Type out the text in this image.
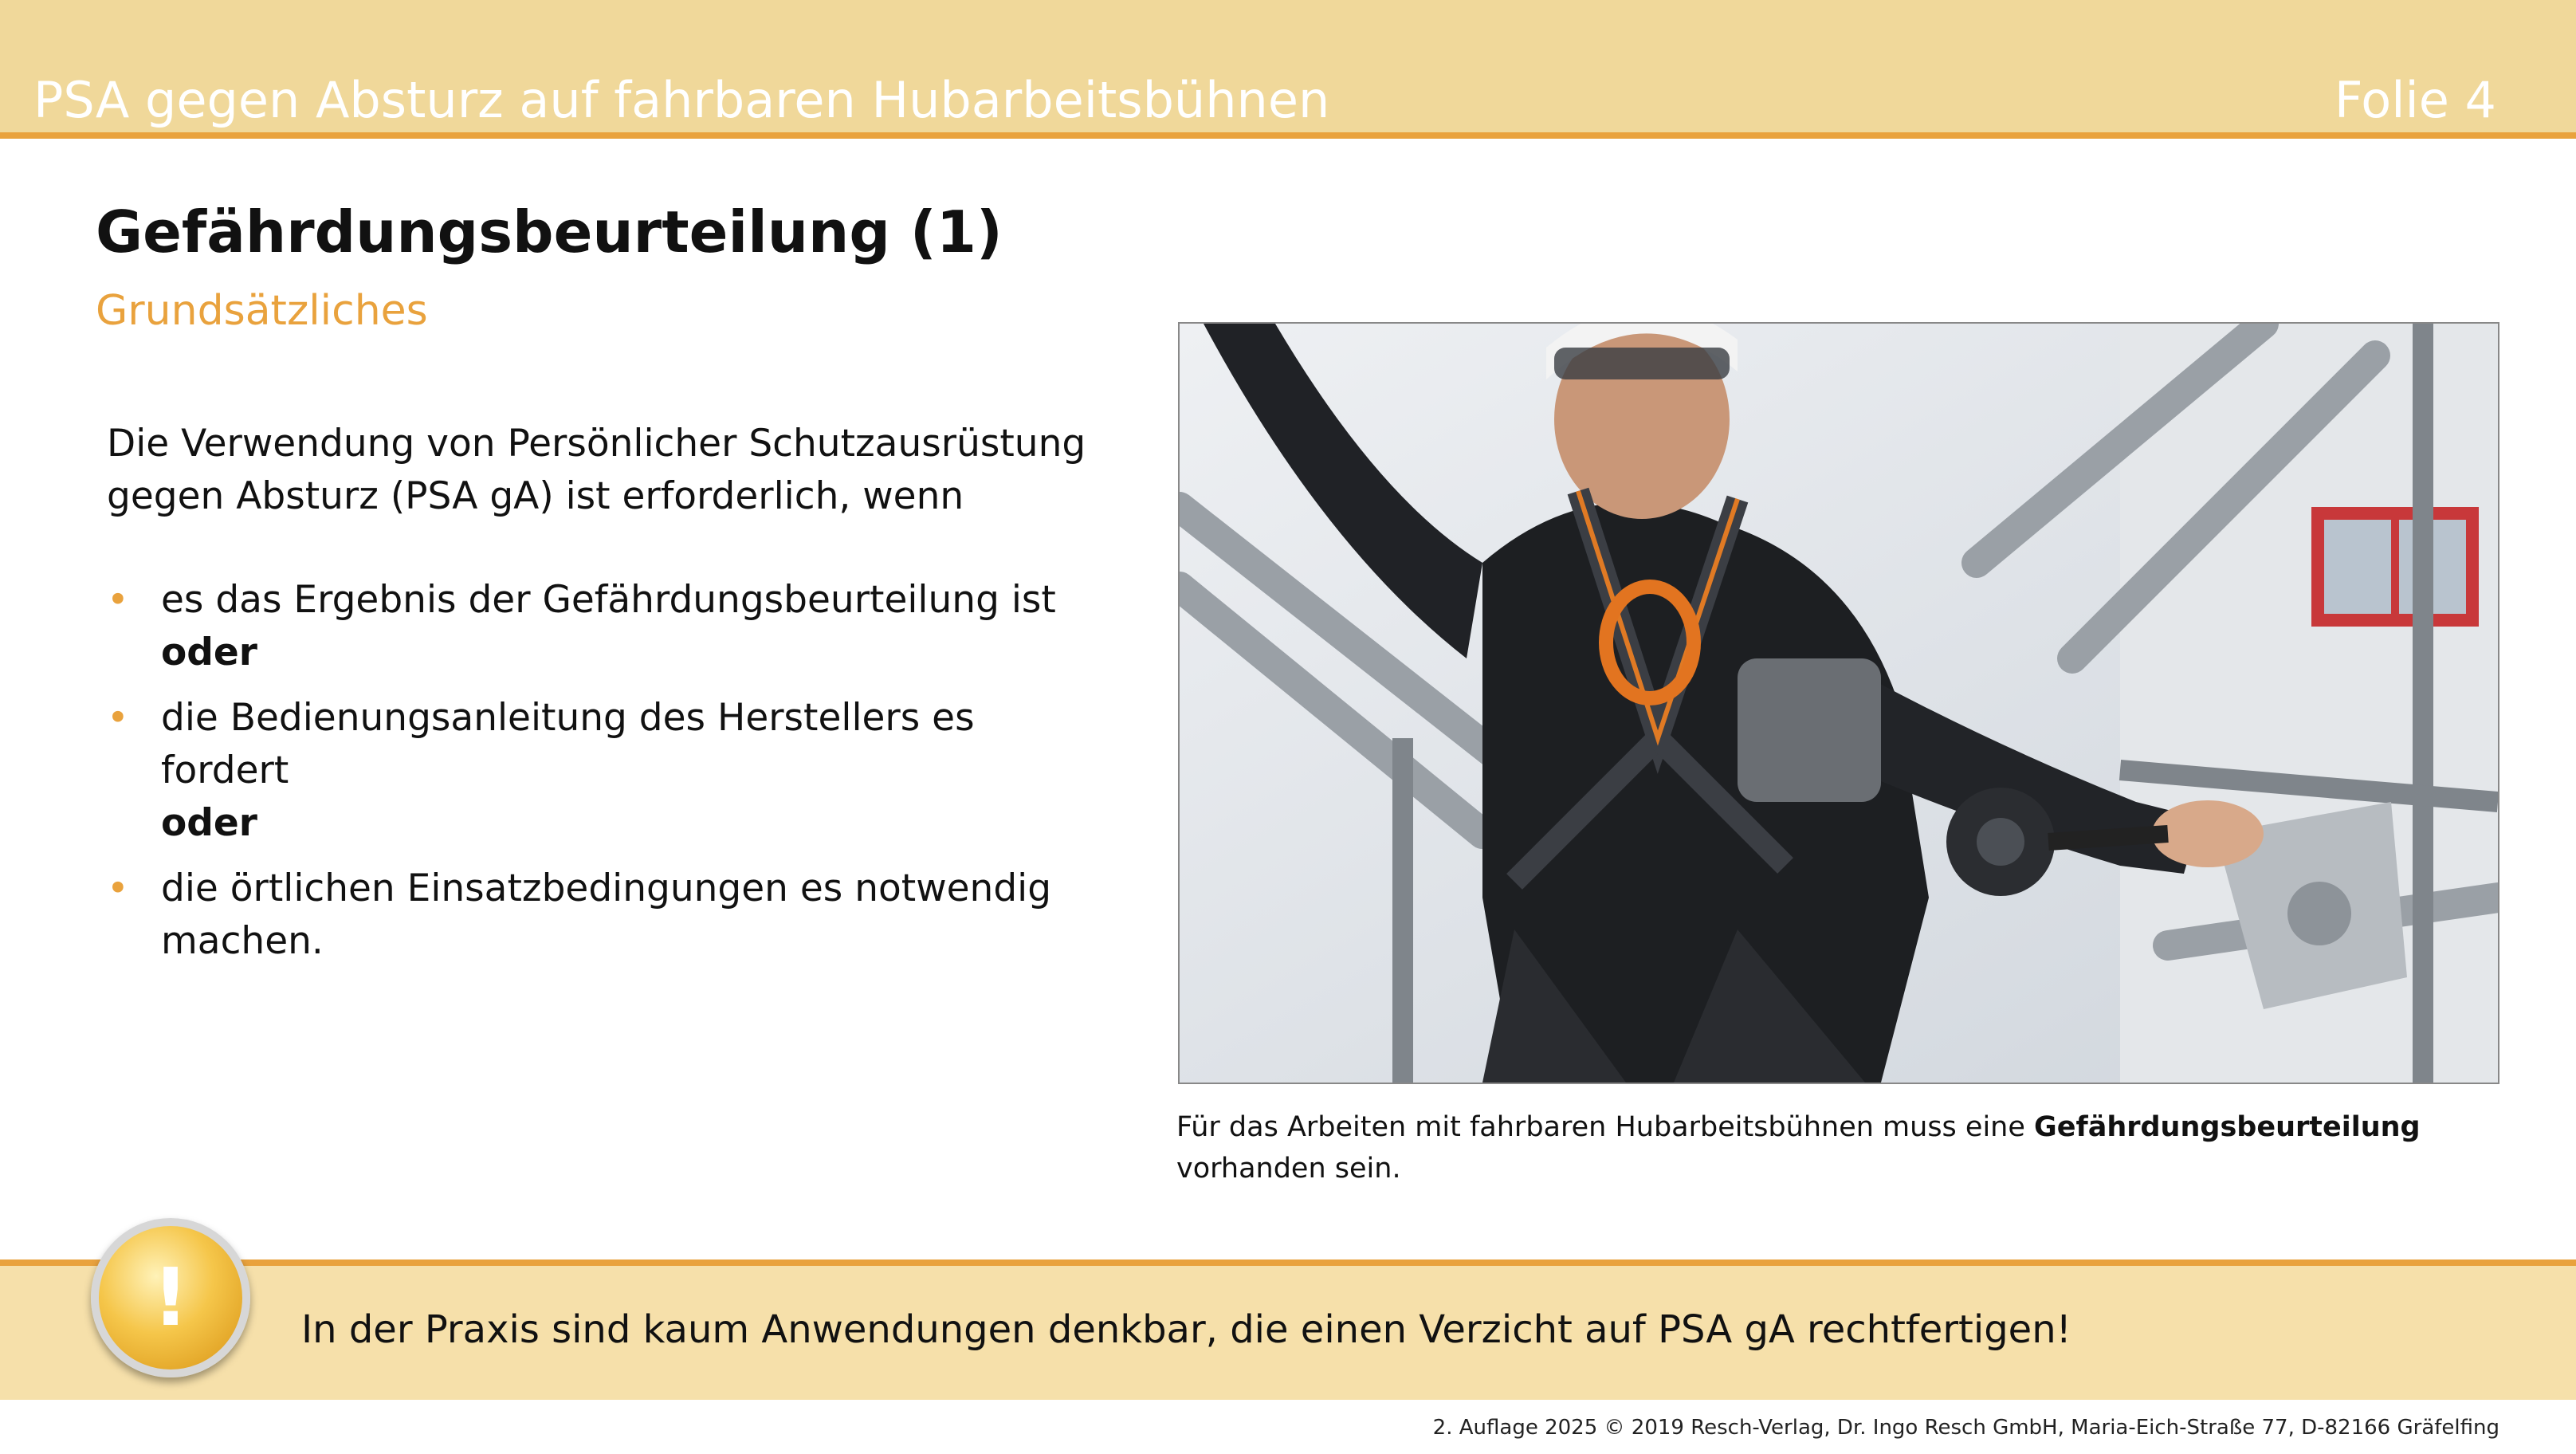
PSA gegen Absturz auf fahrbaren Hubarbeitsbühnen	Folie 4
Gefährdungsbeurteilung (1)
Grundsätzliches
Die Verwendung von Persönlicher Schutzausrüstung
gegen Absturz (PSA gA) ist erforderlich, wenn
• es das Ergebnis der Gefährdungsbeurteilung ist
oder
• die Bedienungsanleitung des Herstellers es fordert
oder
• die örtlichen Einsatzbedingungen es notwendig machen.
Für das Arbeiten mit fahrbaren Hubarbeitsbühnen muss eine Gefährdungsbeurteilung
vorhanden sein.
!	In der Praxis sind kaum Anwendungen denkbar, die einen Verzicht auf PSA gA rechtfertigen!
2. Auflage 2025 © 2019 Resch-Verlag, Dr. Ingo Resch GmbH, Maria-Eich-Straße 77, D-82166 Gräfelfing
